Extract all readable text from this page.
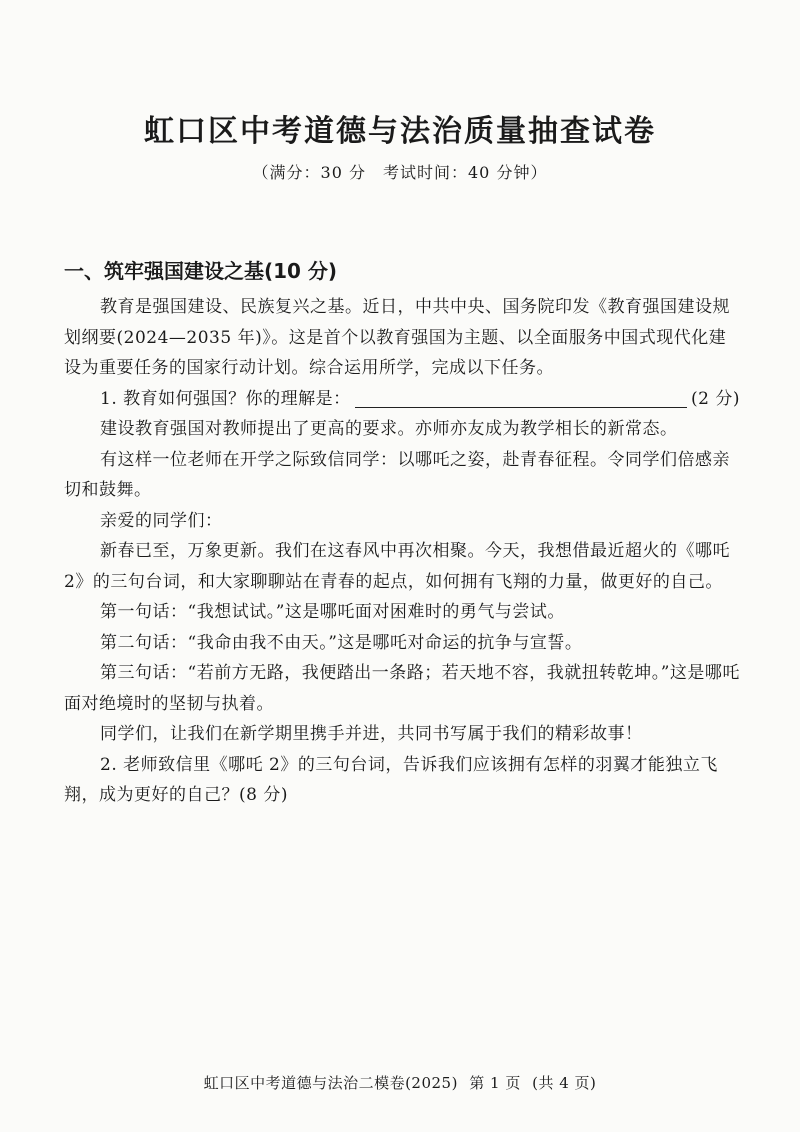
虹口区中考道德与法治质量抽查试卷
（满分：30 分　考试时间：40 分钟）
一、筑牢强国建设之基(10 分)

教育是强国建设、民族复兴之基。近日，中共中央、国务院印发《教育强国建设规划纲要(2024—2035 年)》。这是首个以教育强国为主题、以全面服务中国式现代化建设为重要任务的国家行动计划。综合运用所学，完成以下任务。

1. 教育如何强国？你的理解是：	(2 分)

建设教育强国对教师提出了更高的要求。亦师亦友成为教学相长的新常态。

有这样一位老师在开学之际致信同学：以哪吒之姿，赴青春征程。令同学们倍感亲切和鼓舞。

亲爱的同学们：

新春已至，万象更新。我们在这春风中再次相聚。今天，我想借最近超火的《哪吒 2》的三句台词，和大家聊聊站在青春的起点，如何拥有飞翔的力量，做更好的自己。

第一句话：“我想试试。”这是哪吒面对困难时的勇气与尝试。

第二句话：“我命由我不由天。”这是哪吒对命运的抗争与宣誓。

第三句话：“若前方无路，我便踏出一条路；若天地不容，我就扭转乾坤。”这是哪吒面对绝境时的坚韧与执着。

同学们，让我们在新学期里携手并进，共同书写属于我们的精彩故事！

2. 老师致信里《哪吒 2》的三句台词，告诉我们应该拥有怎样的羽翼才能独立飞翔，成为更好的自己？(8 分)

虹口区中考道德与法治二模卷(2025) 第 1 页 (共 4 页)
